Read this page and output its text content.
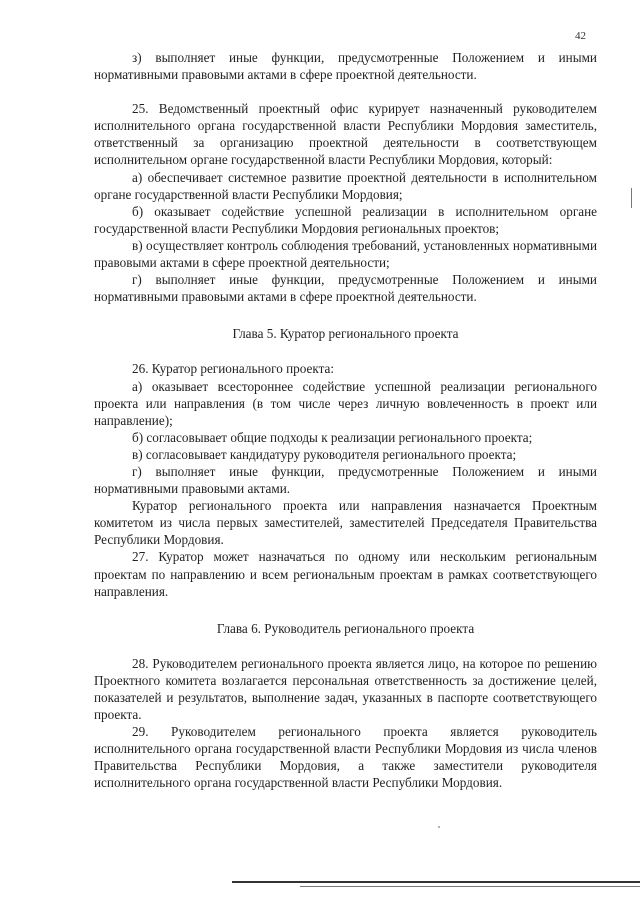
42

з) выполняет иные функции, предусмотренные Положением и иными нормативными правовыми актами в сфере проектной деятельности.

25. Ведомственный проектный офис курирует назначенный руководителем исполнительного органа государственной власти Республики Мордовия заместитель, ответственный за организацию проектной деятельности в соответствующем исполнительном органе государственной власти Республики Мордовия, который:

а) обеспечивает системное развитие проектной деятельности в исполнительном органе государственной власти Республики Мордовия;

б) оказывает содействие успешной реализации в исполнительном органе государственной власти Республики Мордовия региональных проектов;

в) осуществляет контроль соблюдения требований, установленных нормативными правовыми актами в сфере проектной деятельности;

г) выполняет иные функции, предусмотренные Положением и иными нормативными правовыми актами в сфере проектной деятельности.

Глава 5. Куратор регионального проекта

26. Куратор регионального проекта:

а) оказывает всестороннее содействие успешной реализации регионального проекта или направления (в том числе через личную вовлеченность в проект или направление);

б) согласовывает общие подходы к реализации регионального проекта;

в) согласовывает кандидатуру руководителя регионального проекта;

г) выполняет иные функции, предусмотренные Положением и иными нормативными правовыми актами.

Куратор регионального проекта или направления назначается Проектным комитетом из числа первых заместителей, заместителей Председателя Правительства Республики Мордовия.

27. Куратор может назначаться по одному или нескольким региональным проектам по направлению и всем региональным проектам в рамках соответствующего направления.

Глава 6. Руководитель регионального проекта

28. Руководителем регионального проекта является лицо, на которое по решению Проектного комитета возлагается персональная ответственность за достижение целей, показателей и результатов, выполнение задач, указанных в паспорте соответствующего проекта.

29. Руководителем регионального проекта является руководитель исполнительного органа государственной власти Республики Мордовия из числа членов Правительства Республики Мордовия, а также заместители руководителя исполнительного органа государственной власти Республики Мордовия.
